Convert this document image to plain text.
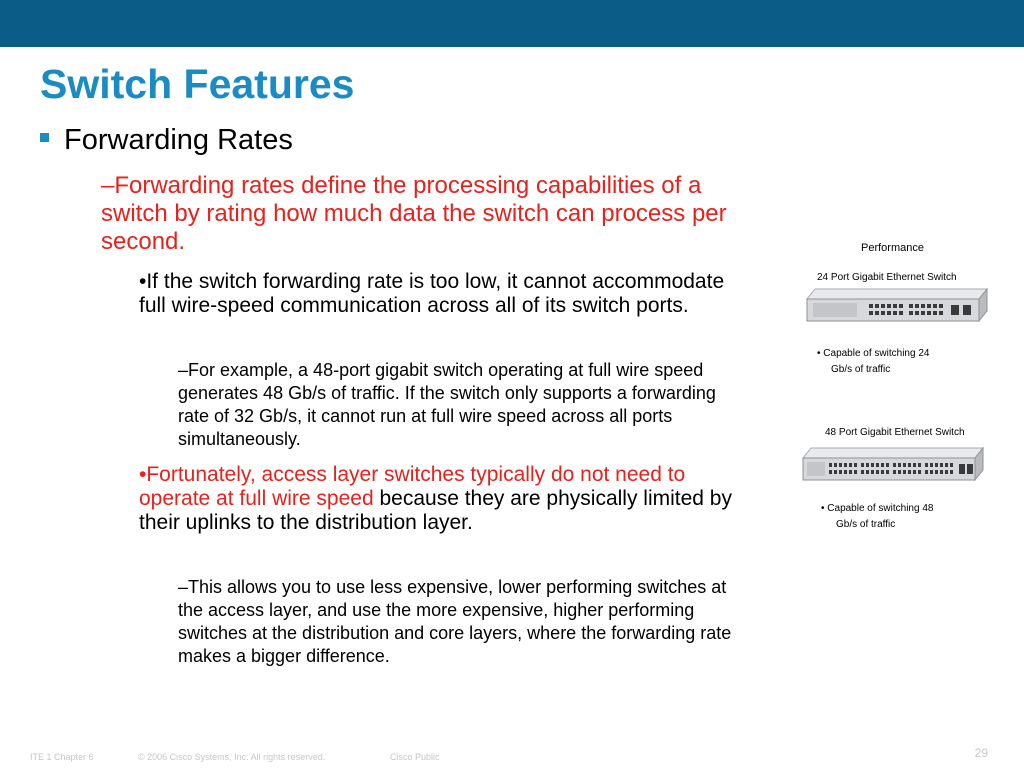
Switch Features
Forwarding Rates
–Forwarding rates define the processing capabilities of a switch by rating how much data the switch can process per second.
•If the switch forwarding rate is too low, it cannot accommodate full wire-speed communication across all of its switch ports.
–For example, a 48-port gigabit switch operating at full wire speed generates 48 Gb/s of traffic. If the switch only supports a forwarding rate of 32 Gb/s, it cannot run at full wire speed across all ports simultaneously.
•Fortunately, access layer switches typically do not need to operate at full wire speed because they are physically limited by their uplinks to the distribution layer.
–This allows you to use less expensive, lower performing switches at the access layer, and use the more expensive, higher performing switches at the distribution and core layers, where the forwarding rate makes a bigger difference.
Performance
24 Port Gigabit Ethernet Switch
• Capable of switching 24
Gb/s of traffic
48 Port Gigabit Ethernet Switch
• Capable of switching 48
Gb/s of traffic
ITE 1 Chapter 6	© 2006 Cisco Systems, Inc. All rights reserved.	Cisco Public	29
